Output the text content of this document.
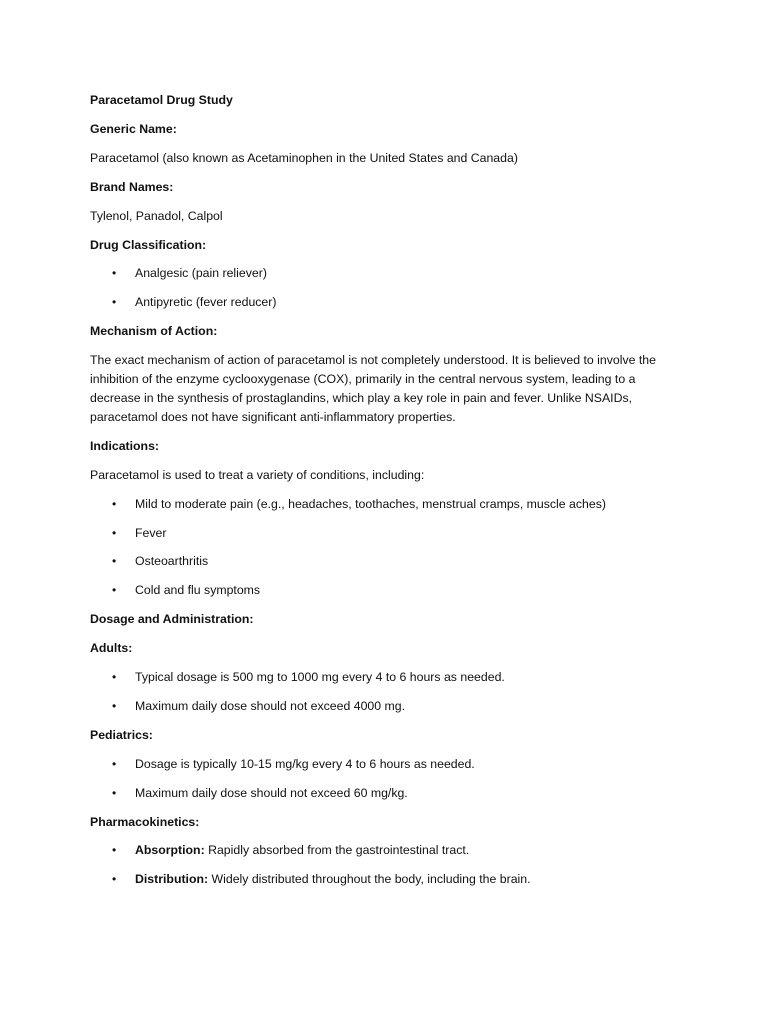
Paracetamol Drug Study

Generic Name:

Paracetamol (also known as Acetaminophen in the United States and Canada)

Brand Names:

Tylenol, Panadol, Calpol

Drug Classification:

• Analgesic (pain reliever)
• Antipyretic (fever reducer)

Mechanism of Action:

The exact mechanism of action of paracetamol is not completely understood. It is believed to involve the inhibition of the enzyme cyclooxygenase (COX), primarily in the central nervous system, leading to a decrease in the synthesis of prostaglandins, which play a key role in pain and fever. Unlike NSAIDs, paracetamol does not have significant anti-inflammatory properties.

Indications:

Paracetamol is used to treat a variety of conditions, including:

• Mild to moderate pain (e.g., headaches, toothaches, menstrual cramps, muscle aches)
• Fever
• Osteoarthritis
• Cold and flu symptoms

Dosage and Administration:

Adults:

• Typical dosage is 500 mg to 1000 mg every 4 to 6 hours as needed.
• Maximum daily dose should not exceed 4000 mg.

Pediatrics:

• Dosage is typically 10-15 mg/kg every 4 to 6 hours as needed.
• Maximum daily dose should not exceed 60 mg/kg.

Pharmacokinetics:

• Absorption: Rapidly absorbed from the gastrointestinal tract.
• Distribution: Widely distributed throughout the body, including the brain.
